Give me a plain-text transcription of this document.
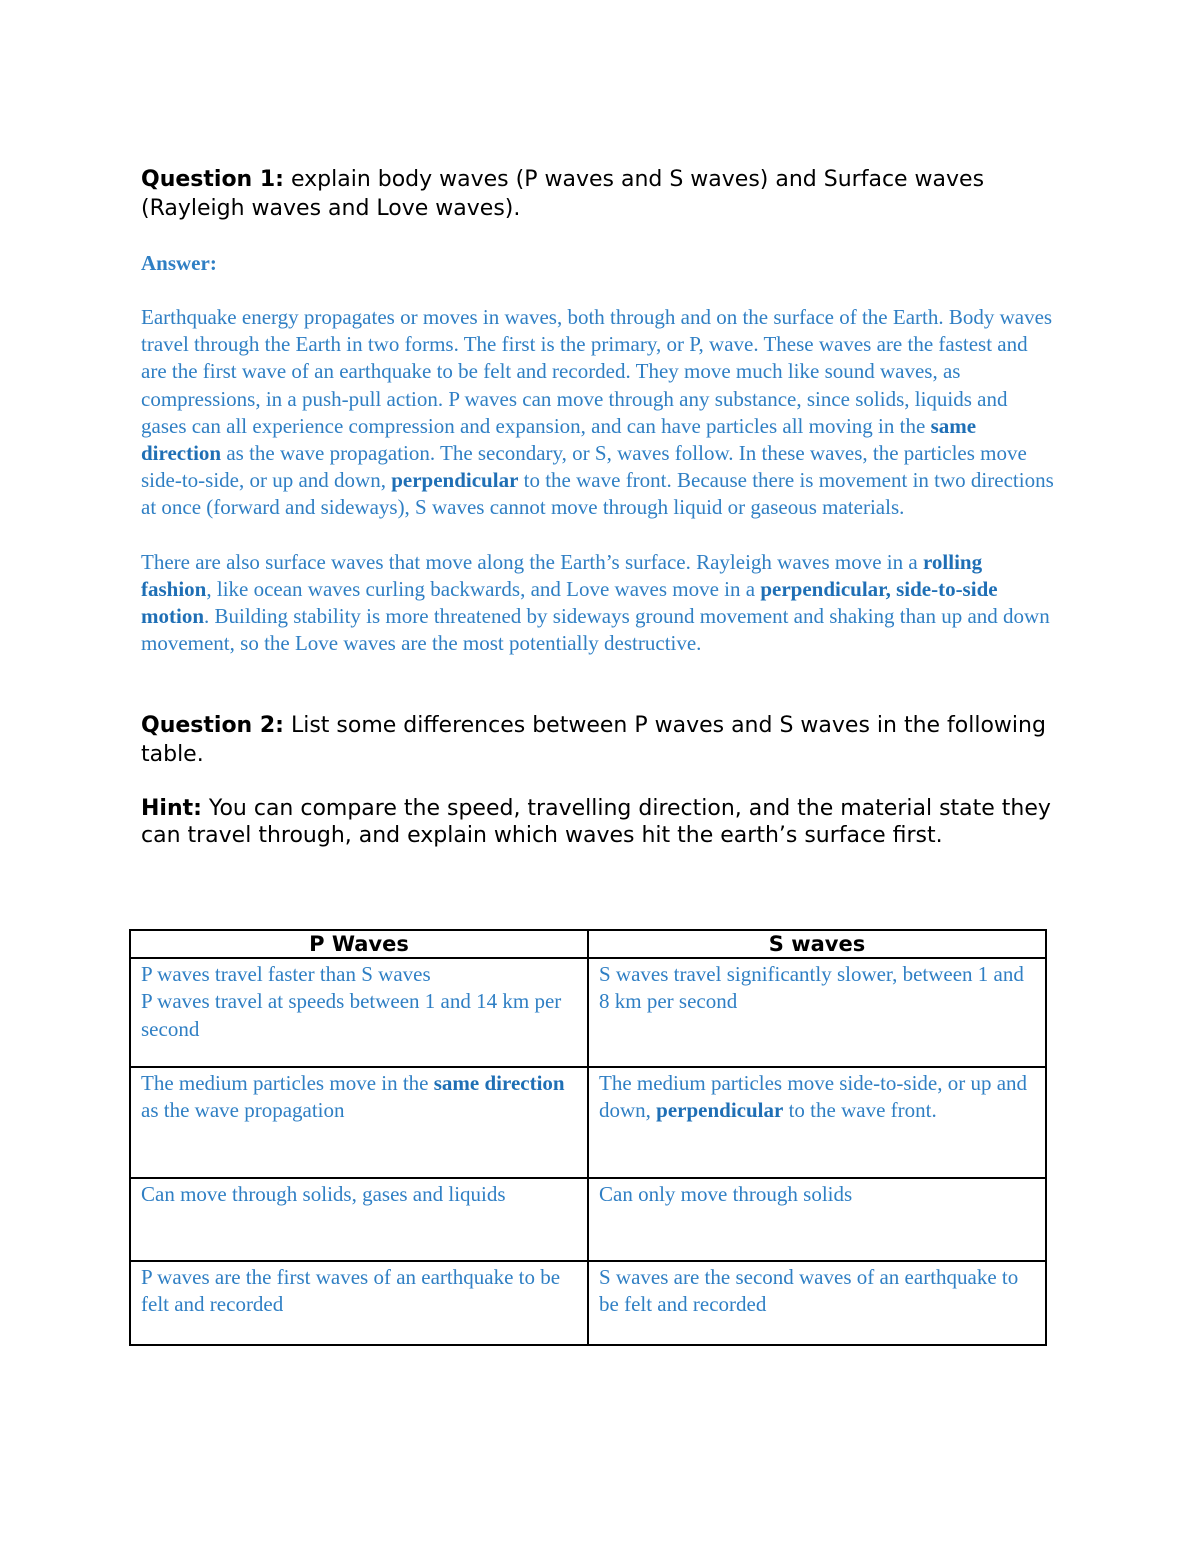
Question 1: explain body waves (P waves and S waves) and Surface waves (Rayleigh waves and Love waves).

Answer:

Earthquake energy propagates or moves in waves, both through and on the surface of the Earth. Body waves travel through the Earth in two forms. The first is the primary, or P, wave. These waves are the fastest and are the first wave of an earthquake to be felt and recorded. They move much like sound waves, as compressions, in a push-pull action. P waves can move through any substance, since solids, liquids and gases can all experience compression and expansion, and can have particles all moving in the same direction as the wave propagation. The secondary, or S, waves follow. In these waves, the particles move side-to-side, or up and down, perpendicular to the wave front. Because there is movement in two directions at once (forward and sideways), S waves cannot move through liquid or gaseous materials.

There are also surface waves that move along the Earth’s surface. Rayleigh waves move in a rolling fashion, like ocean waves curling backwards, and Love waves move in a perpendicular, side-to-side motion. Building stability is more threatened by sideways ground movement and shaking than up and down movement, so the Love waves are the most potentially destructive.

Question 2: List some differences between P waves and S waves in the following table.

Hint: You can compare the speed, travelling direction, and the material state they can travel through, and explain which waves hit the earth’s surface first.

P Waves	S waves
P waves travel faster than S waves
P waves travel at speeds between 1 and 14 km per second	S waves travel significantly slower, between 1 and 8 km per second
The medium particles move in the same direction as the wave propagation	The medium particles move side-to-side, or up and down, perpendicular to the wave front.
Can move through solids, gases and liquids	Can only move through solids
P waves are the first waves of an earthquake to be felt and recorded	S waves are the second waves of an earthquake to be felt and recorded
